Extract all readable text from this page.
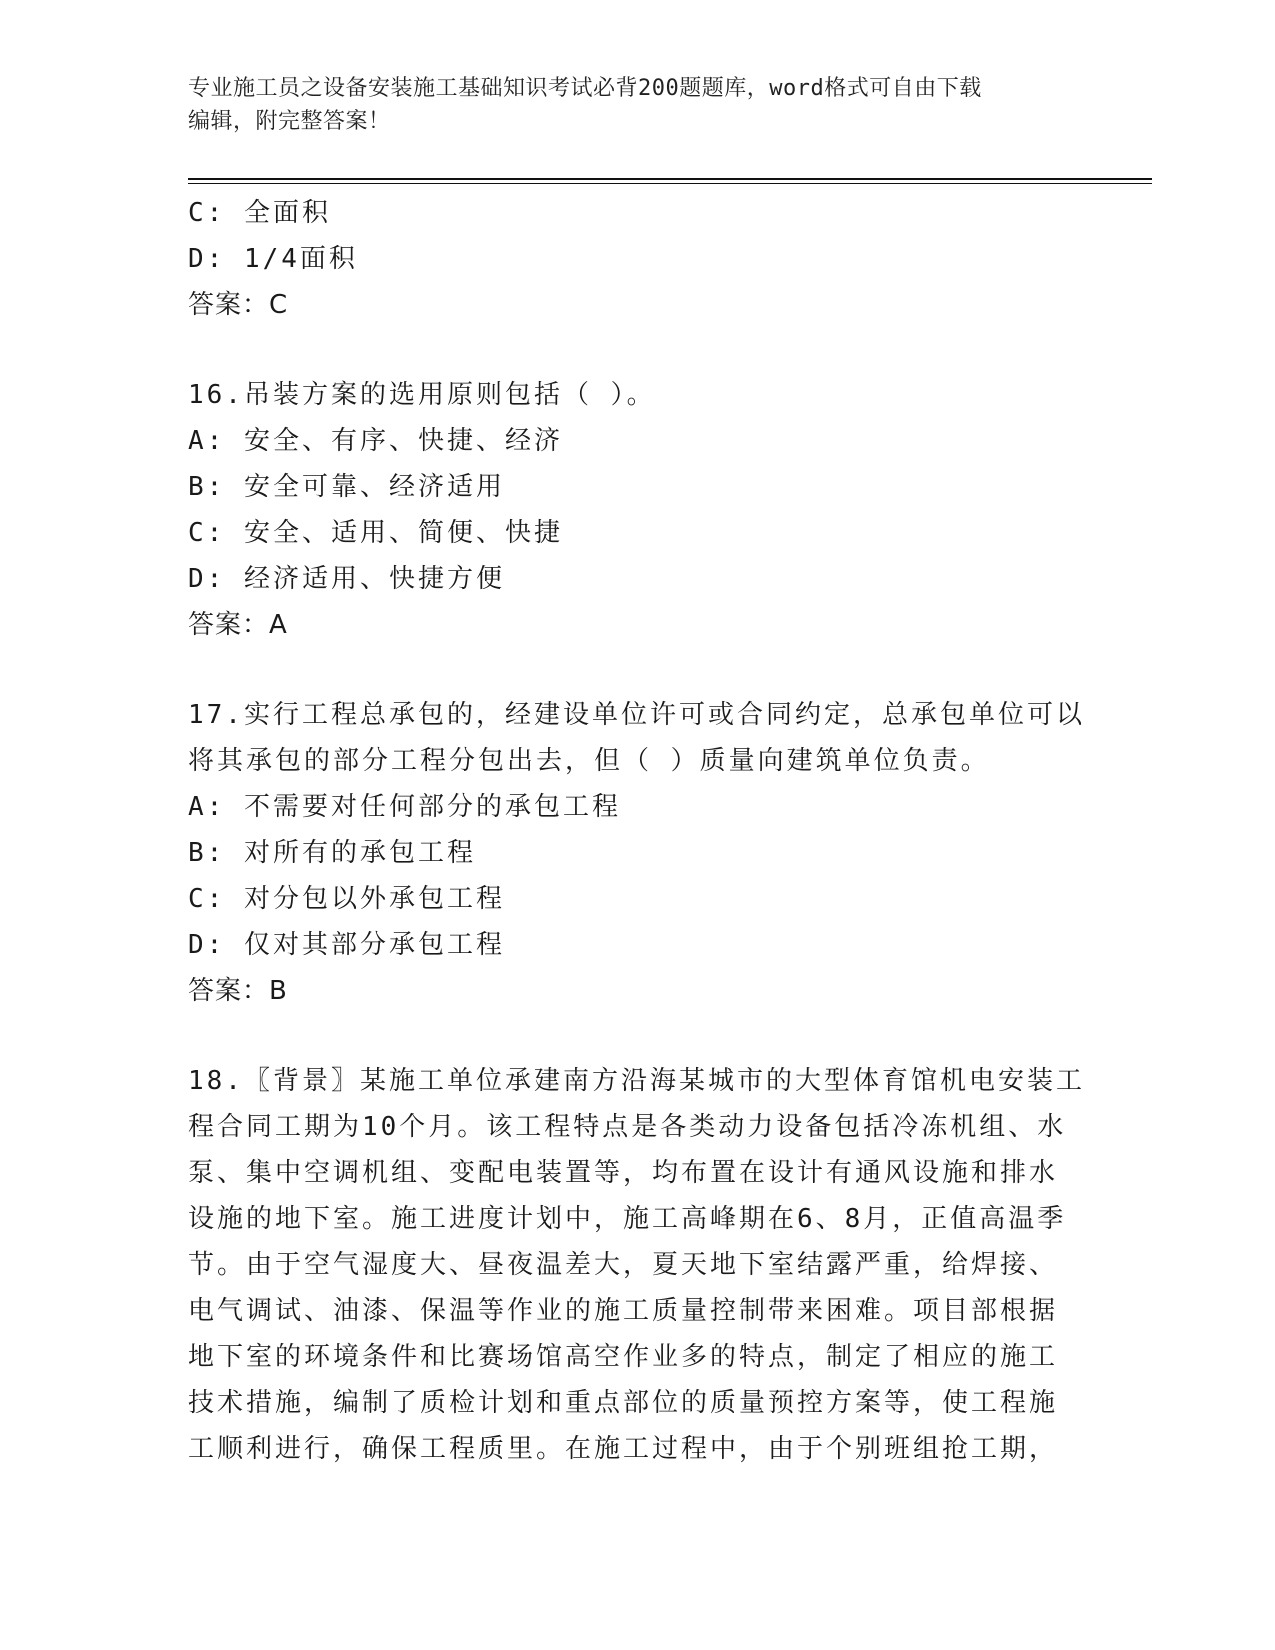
专业施工员之设备安装施工基础知识考试必背200题题库，word格式可自由下载
编辑，附完整答案！
C: 全面积
D: 1/4面积
答案：C
16.吊装方案的选用原则包括（ ）。
A: 安全、有序、快捷、经济
B: 安全可靠、经济适用
C: 安全、适用、简便、快捷
D: 经济适用、快捷方便
答案：A
17.实行工程总承包的，经建设单位许可或合同约定，总承包单位可以
将其承包的部分工程分包出去，但（ ）质量向建筑单位负责。
A: 不需要对任何部分的承包工程
B: 对所有的承包工程
C: 对分包以外承包工程
D: 仅对其部分承包工程
答案：B
18.〖背景〗某施工单位承建南方沿海某城市的大型体育馆机电安装工
程合同工期为10个月。该工程特点是各类动力设备包括冷冻机组、水
泵、集中空调机组、变配电装置等，均布置在设计有通风设施和排水
设施的地下室。施工进度计划中，施工高峰期在6、8月，正值高温季
节。由于空气湿度大、昼夜温差大，夏天地下室结露严重，给焊接、
电气调试、油漆、保温等作业的施工质量控制带来困难。项目部根据
地下室的环境条件和比赛场馆高空作业多的特点，制定了相应的施工
技术措施，编制了质检计划和重点部位的质量预控方案等，使工程施
工顺利进行，确保工程质里。在施工过程中，由于个别班组抢工期，
